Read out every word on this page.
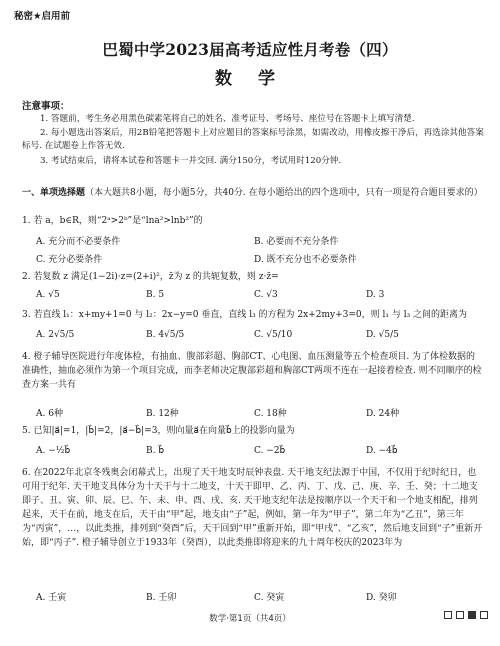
秘密★启用前
巴蜀中学2023届高考适应性月考卷（四）
数 学
注意事项：

1. 答题前，考生务必用黑色碳素笔将自己的姓名、准考证号、考场号、座位号在答题卡上填写清楚.

2. 每小题选出答案后，用2B铅笔把答题卡上对应题目的答案标号涂黑，如需改动，用橡皮擦干净后，再选涂其他答案标号. 在试题卷上作答无效.

3. 考试结束后，请将本试卷和答题卡一并交回. 满分150分，考试用时120分钟.

一、单项选择题（本大题共8小题，每小题5分，共40分. 在每小题给出的四个选项中，只有一项是符合题目要求的）
1. 若 a，b∈R，则“2ᵃ>2ᵇ”是“lna²>lnb²”的
A. 充分而不必要条件	B. 必要而不充分条件
C. 充分必要条件	D. 既不充分也不必要条件
2. 若复数 z 满足(1−2i)·z=(2+i)²，z̄为 z 的共轭复数，则 z·z̄=
A. √5	B. 5	C. √3	D. 3
3. 若直线 l₁：x+my+1=0 与 l₂：2x−y=0 垂直，直线 l₃ 的方程为 2x+2my+3=0，则 l₁ 与 l₃ 之间的距离为
A. 2√5/5	B. 4√5/5	C. √5/10	D. √5/5
4. 橙子辅导医院进行年度体检，有抽血、腹部彩超、胸部CT、心电图、血压测量等五个检查项目. 为了体检数据的准确性，抽血必须作为第一个项目完成，而李老师决定腹部彩超和胸部CT两项不连在一起接着检查. 则不同顺序的检查方案一共有
A. 6种	B. 12种	C. 18种	D. 24种
5. 已知|a⃗|=1，|b⃗|=2，|a⃗−b⃗|=3，则向量a⃗在向量b⃗上的投影向量为
A. −½b⃗	B. b⃗	C. −2b⃗	D. −4b⃗
6. 在2022年北京冬残奥会闭幕式上，出现了天干地支时辰钟表盘. 天干地支纪法源于中国，不仅用于纪时纪日，也可用于纪年. 天干地支具体分为十天干与十二地支，十天干即甲、乙、丙、丁、戊、己、庚、辛、壬、癸；十二地支即子、丑、寅、卯、辰、巳、午、未、申、酉、戌、亥. 天干地支纪年法是按顺序以一个天干和一个地支相配，排列起来，天干在前，地支在后，天干由“甲”起，地支由“子”起，例如，第一年为“甲子”，第二年为“乙丑”，第三年为“丙寅”，…，以此类推，排列到“癸酉”后，天干回到“甲”重新开始，即“甲戌”、“乙亥”，然后地支回到“子”重新开始，即“丙子”. 橙子辅导创立于1933年（癸酉），以此类推即将迎来的九十周年校庆的2023年为
A. 壬寅	B. 壬卯	C. 癸寅	D. 癸卯
数学·第1页（共4页）
